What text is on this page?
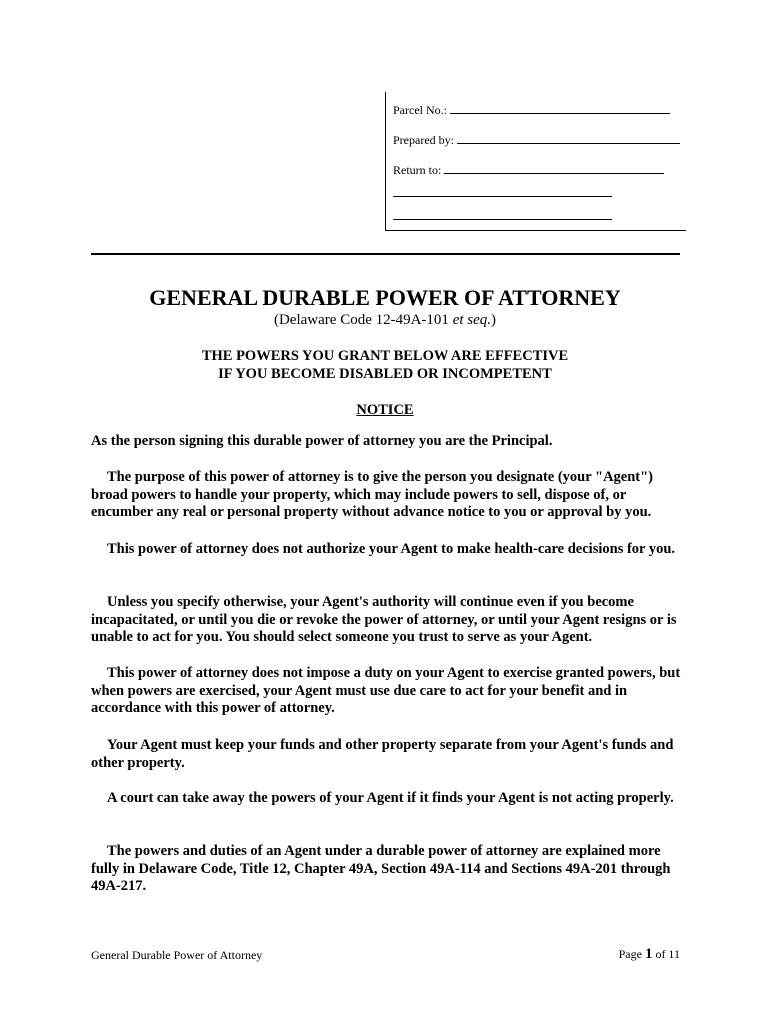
Parcel No.:
Prepared by:
Return to:
GENERAL DURABLE POWER OF ATTORNEY
(Delaware Code 12-49A-101 et seq.)
THE POWERS YOU GRANT BELOW ARE EFFECTIVE
IF YOU BECOME DISABLED OR INCOMPETENT
NOTICE
As the person signing this durable power of attorney you are the Principal.
The purpose of this power of attorney is to give the person you designate (your "Agent") broad powers to handle your property, which may include powers to sell, dispose of, or encumber any real or personal property without advance notice to you or approval by you.
This power of attorney does not authorize your Agent to make health-care decisions for you.
Unless you specify otherwise, your Agent's authority will continue even if you become incapacitated, or until you die or revoke the power of attorney, or until your Agent resigns or is unable to act for you. You should select someone you trust to serve as your Agent.
This power of attorney does not impose a duty on your Agent to exercise granted powers, but when powers are exercised, your Agent must use due care to act for your benefit and in accordance with this power of attorney.
Your Agent must keep your funds and other property separate from your Agent's funds and other property.
A court can take away the powers of your Agent if it finds your Agent is not acting properly.
The powers and duties of an Agent under a durable power of attorney are explained more fully in Delaware Code, Title 12, Chapter 49A, Section 49A-114 and Sections 49A-201 through 49A-217.
General Durable Power of Attorney	Page 1 of 11
